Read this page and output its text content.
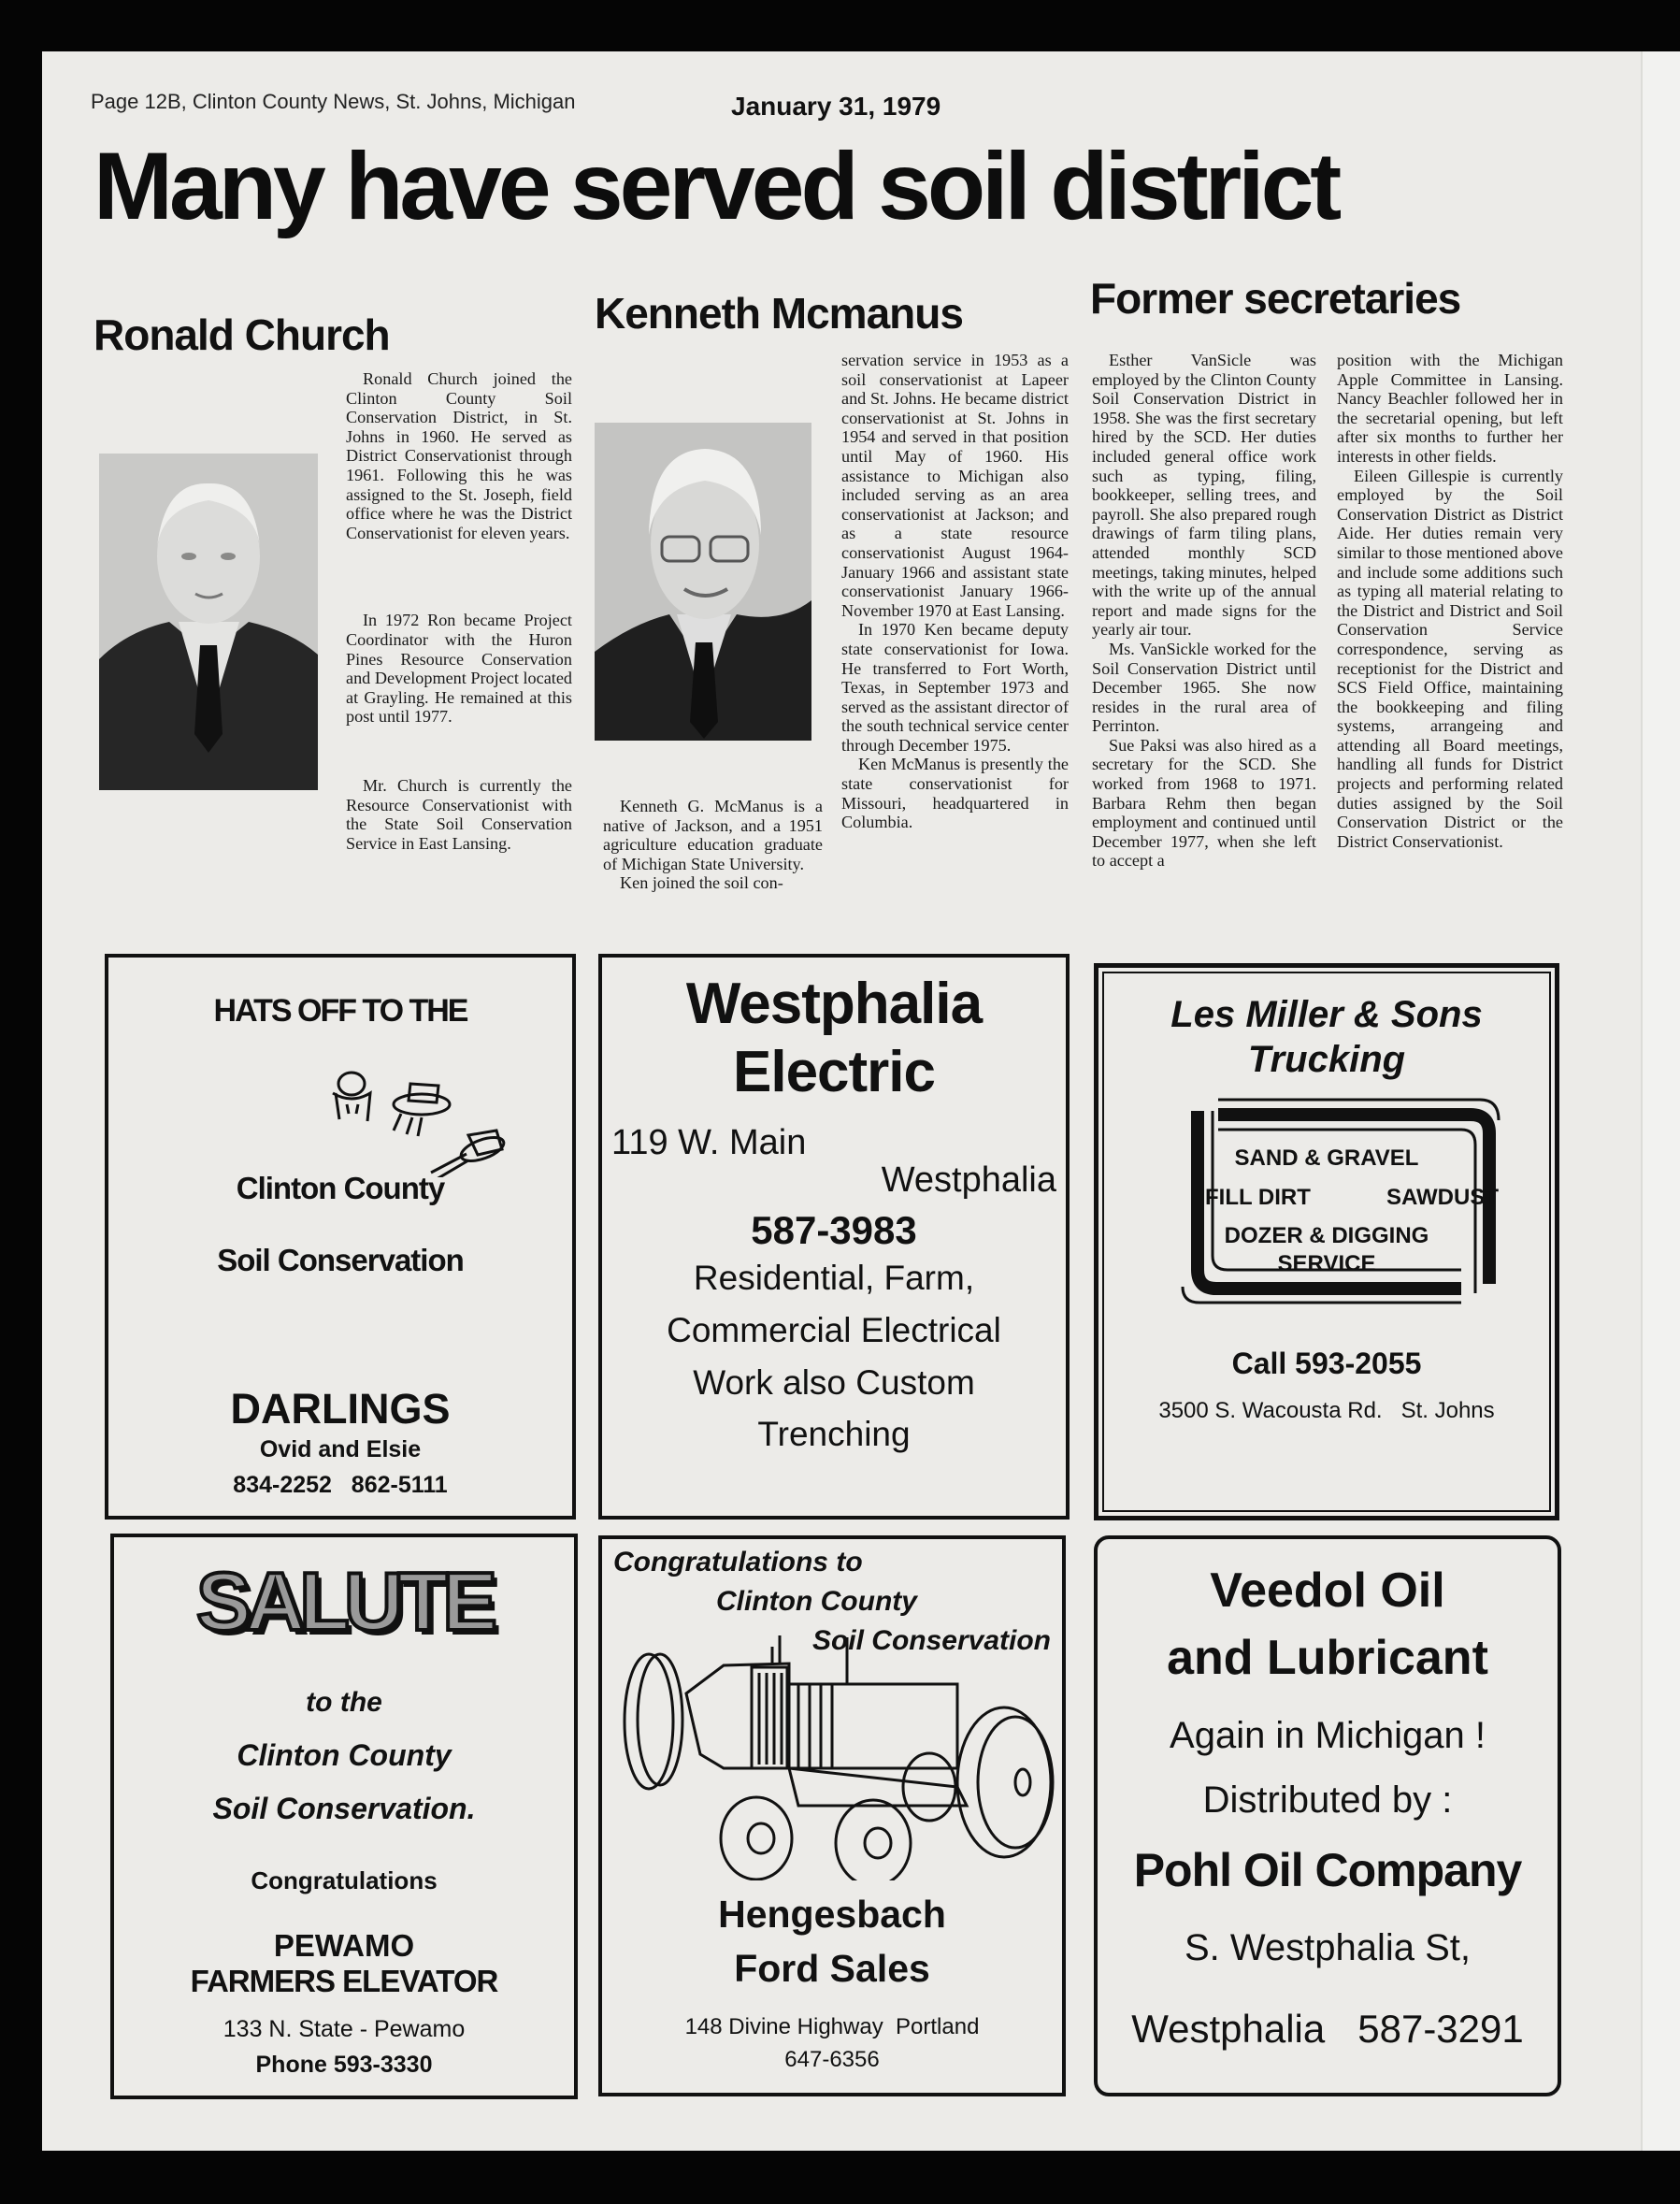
Page 12B, Clinton County News, St. Johns, Michigan	January 31, 1979
Many have served soil district
Ronald Church

Ronald Church joined the Clinton County Soil Conservation District, in St. Johns in 1960. He served as District Conservationist through 1961. Following this he was assigned to the St. Joseph, field office where he was the District Conservationist for eleven years.

In 1972 Ron became Project Coordinator with the Huron Pines Resource Conservation and Development Project located at Grayling. He remained at this post until 1977.

Mr. Church is currently the Resource Conservationist with the State Soil Conservation Service in East Lansing.

Kenneth Mcmanus

Kenneth G. McManus is a native of Jackson, and a 1951 agriculture education graduate of Michigan State University.

Ken joined the soil con-

servation service in 1953 as a soil conservationist at Lapeer and St. Johns. He became district conservationist at St. Johns in 1954 and served in that position until May of 1960. His assistance to Michigan also included serving as an area conservationist at Jackson; and as a state resource conservationist August 1964-January 1966 and assistant state conservationist January 1966-November 1970 at East Lansing.

In 1970 Ken became deputy state conservationist for Iowa. He transferred to Fort Worth, Texas, in September 1973 and served as the assistant director of the south technical service center through December 1975.

Ken McManus is presently the state conservationist for Missouri, headquartered in Columbia.

Former secretaries

Esther VanSicle was employed by the Clinton County Soil Conservation District in 1958. She was the first secretary hired by the SCD. Her duties included general office work such as typing, filing, bookkeeper, selling trees, and payroll. She also prepared rough drawings of farm tiling plans, attended monthly SCD meetings, taking minutes, helped with the write up of the annual report and made signs for the yearly air tour.

Ms. VanSickle worked for the Soil Conservation District until December 1965. She now resides in the rural area of Perrinton.

Sue Paksi was also hired as a secretary for the SCD. She worked from 1968 to 1971. Barbara Rehm then began employment and continued until December 1977, when she left to accept a

position with the Michigan Apple Committee in Lansing. Nancy Beachler followed her in the secretarial opening, but left after six months to further her interests in other fields.

Eileen Gillespie is currently employed by the Soil Conservation District as District Aide. Her duties remain very similar to those mentioned above and include some additions such as typing all material relating to the District and District and Soil Conservation Service correspondence, serving as receptionist for the District and SCS Field Office, maintaining the bookkeeping and filing systems, arrangeing and attending all Board meetings, handling all funds for District projects and performing related duties assigned by the Soil Conservation District or the District Conservationist.

HATS OFF TO THE
Clinton County
Soil Conservation
DARLINGS
Ovid and Elsie
834-2252   862-5111
Westphalia
Electric
119 W. Main
Westphalia
587-3983
Residential, Farm,
Commercial Electrical
Work also Custom
Trenching
Les Miller & Sons
Trucking
SAND & GRAVEL
FILL DIRT	SAWDUST
DOZER & DIGGING
SERVICE
Call 593-2055
3500 S. Wacousta Rd.   St. Johns
SALUTE
to the
Clinton County
Soil Conservation.
Congratulations
PEWAMO
FARMERS ELEVATOR
133 N. State - Pewamo
Phone 593-3330
Congratulations to
Clinton County
Soil Conservation
Hengesbach
Ford Sales
148 Divine Highway  Portland
647-6356
Veedol Oil
and Lubricant
Again in Michigan !
Distributed by :
Pohl Oil Company
S. Westphalia St,
Westphalia   587-3291
